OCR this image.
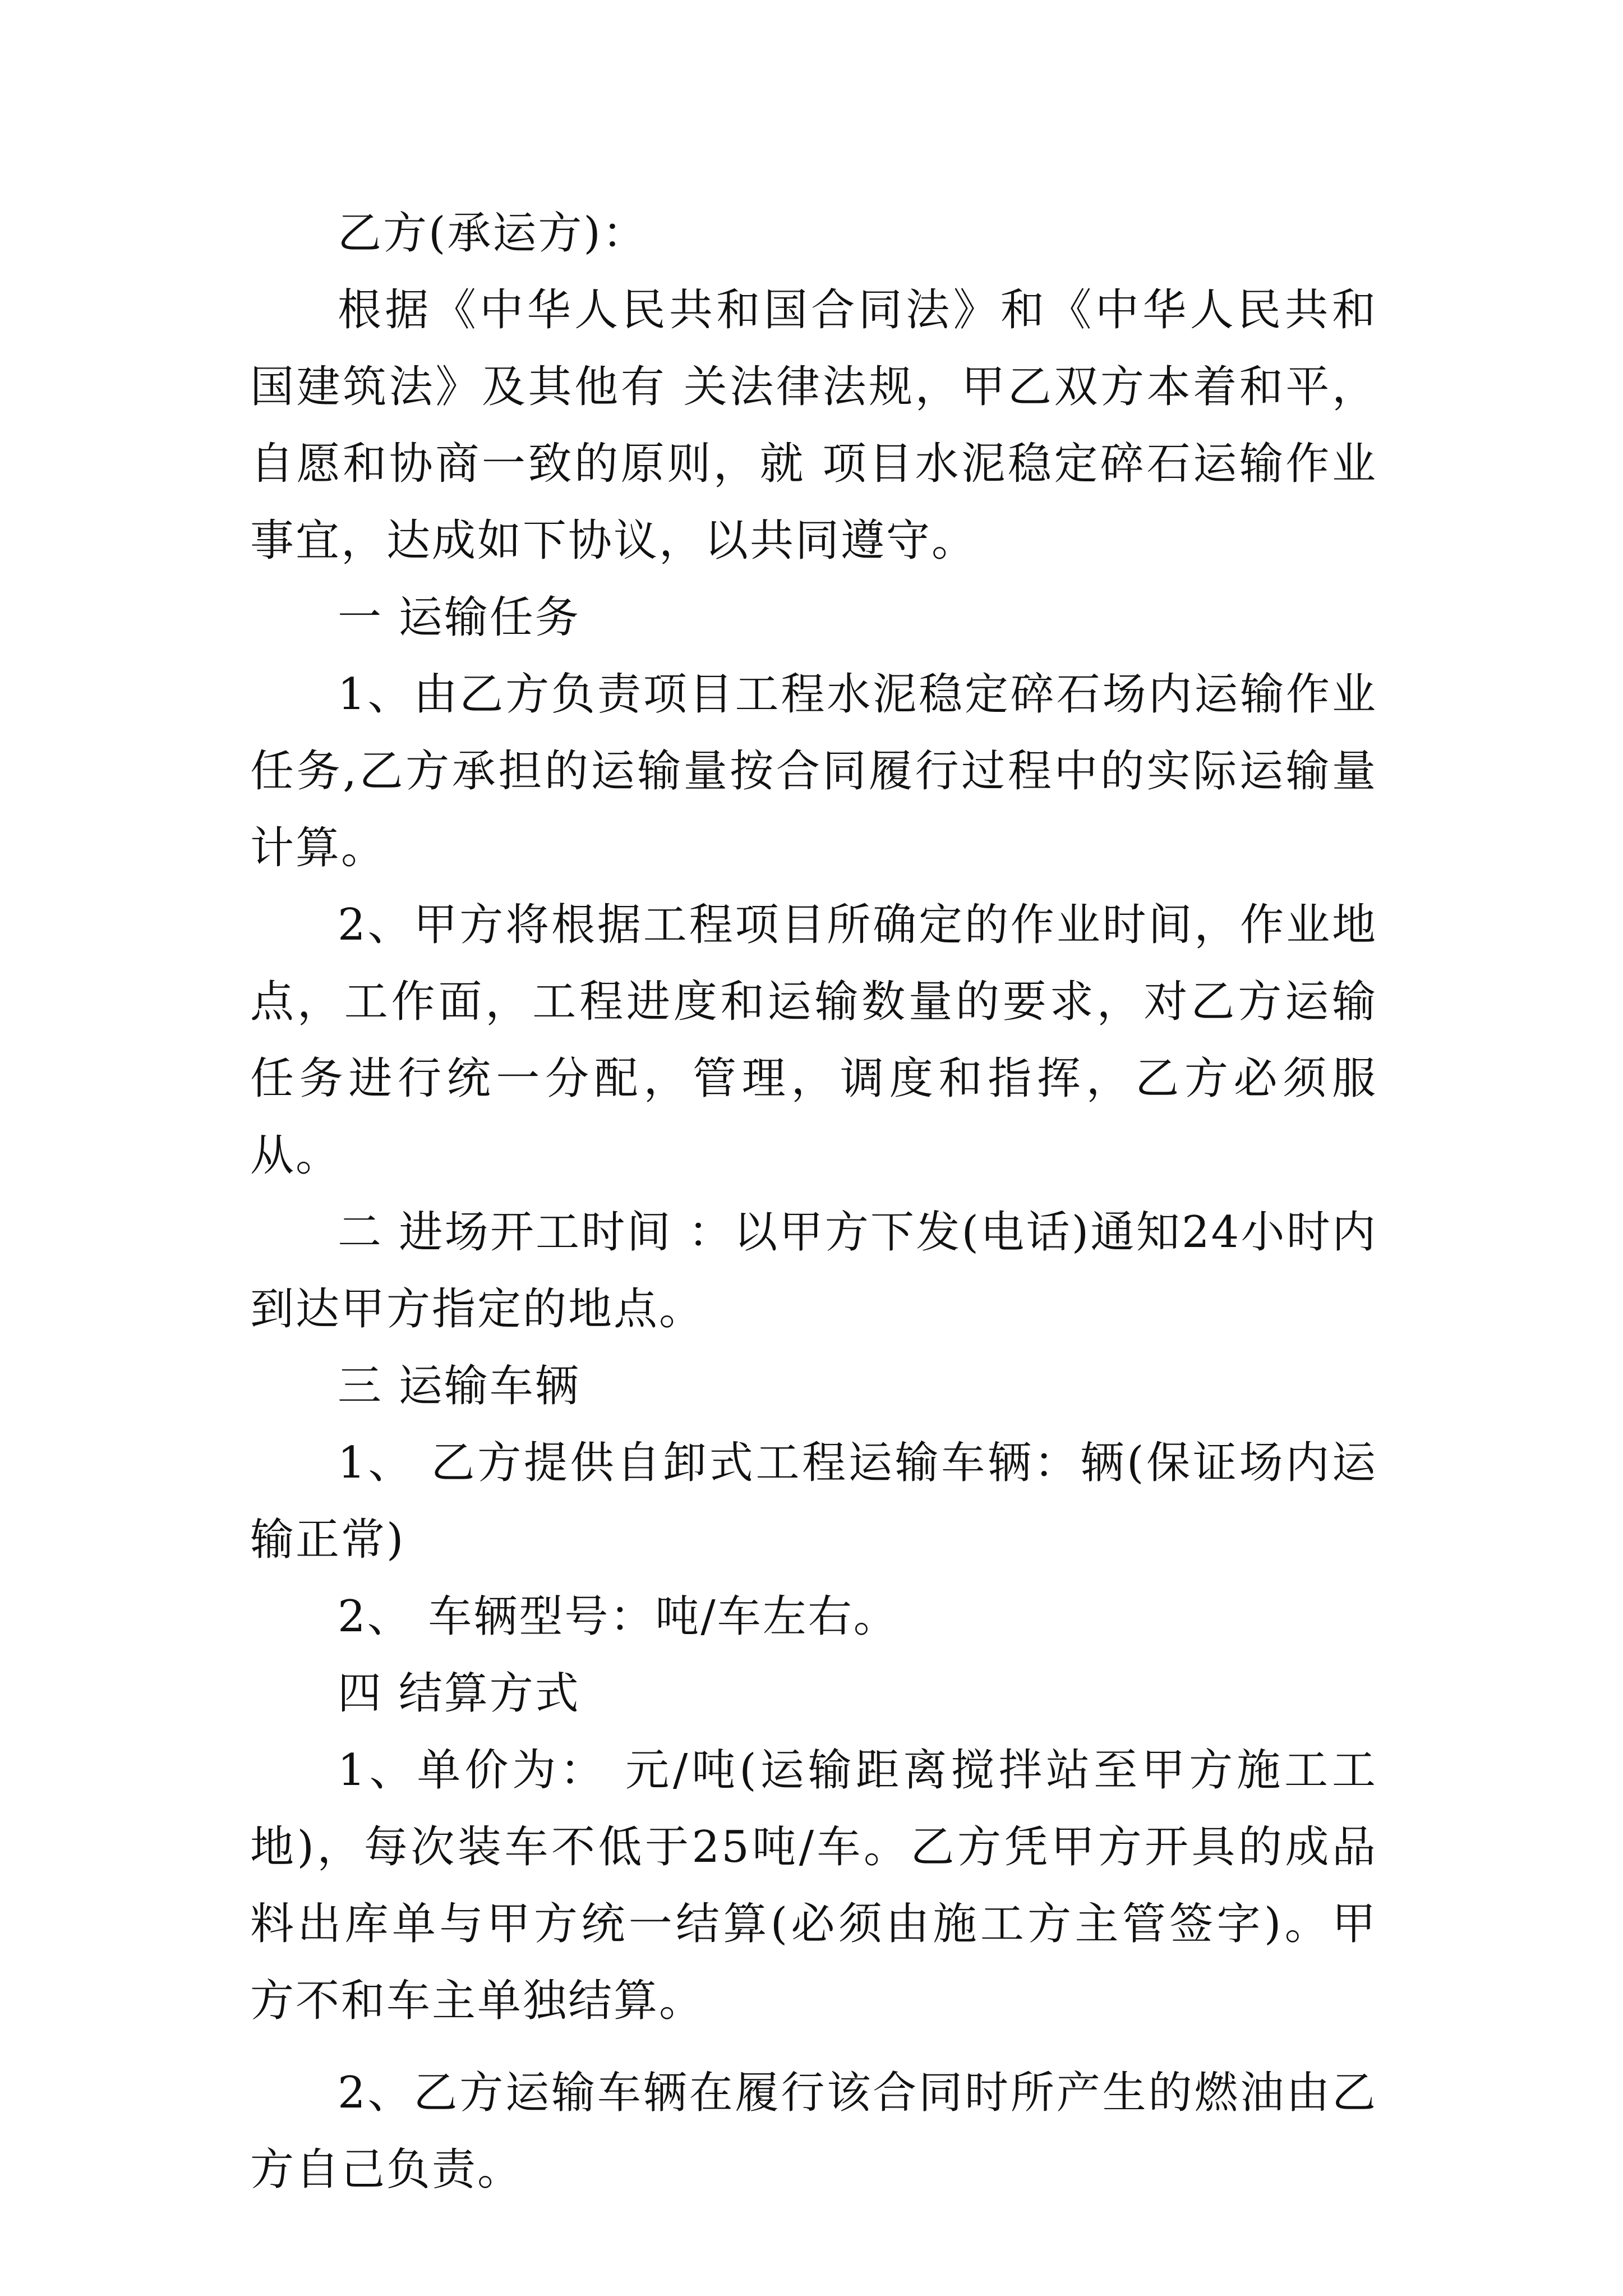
乙方(承运方)：

根据《中华人民共和国合同法》和《中华人民共和国建筑法》及其他有 关法律法规，甲乙双方本着和平，自愿和协商一致的原则，就 项目水泥稳定碎石运输作业事宜，达成如下协议，以共同遵守。

一 运输任务

1、由乙方负责项目工程水泥稳定碎石场内运输作业任务,乙方承担的运输量按合同履行过程中的实际运输量计算。

2、甲方将根据工程项目所确定的作业时间，作业地点，工作面，工程进度和运输数量的要求，对乙方运输任务进行统一分配，管理，调度和指挥，乙方必须服从。

二 进场开工时间 ：以甲方下发(电话)通知24小时内到达甲方指定的地点。

三 运输车辆

1、 乙方提供自卸式工程运输车辆：辆(保证场内运输正常)

2、 车辆型号：吨/车左右。

四 结算方式

1、单价为： 元/吨(运输距离搅拌站至甲方施工工地)，每次装车不低于25吨/车。乙方凭甲方开具的成品料出库单与甲方统一结算(必须由施工方主管签字)。甲方不和车主单独结算。

2、乙方运输车辆在履行该合同时所产生的燃油由乙方自己负责。
